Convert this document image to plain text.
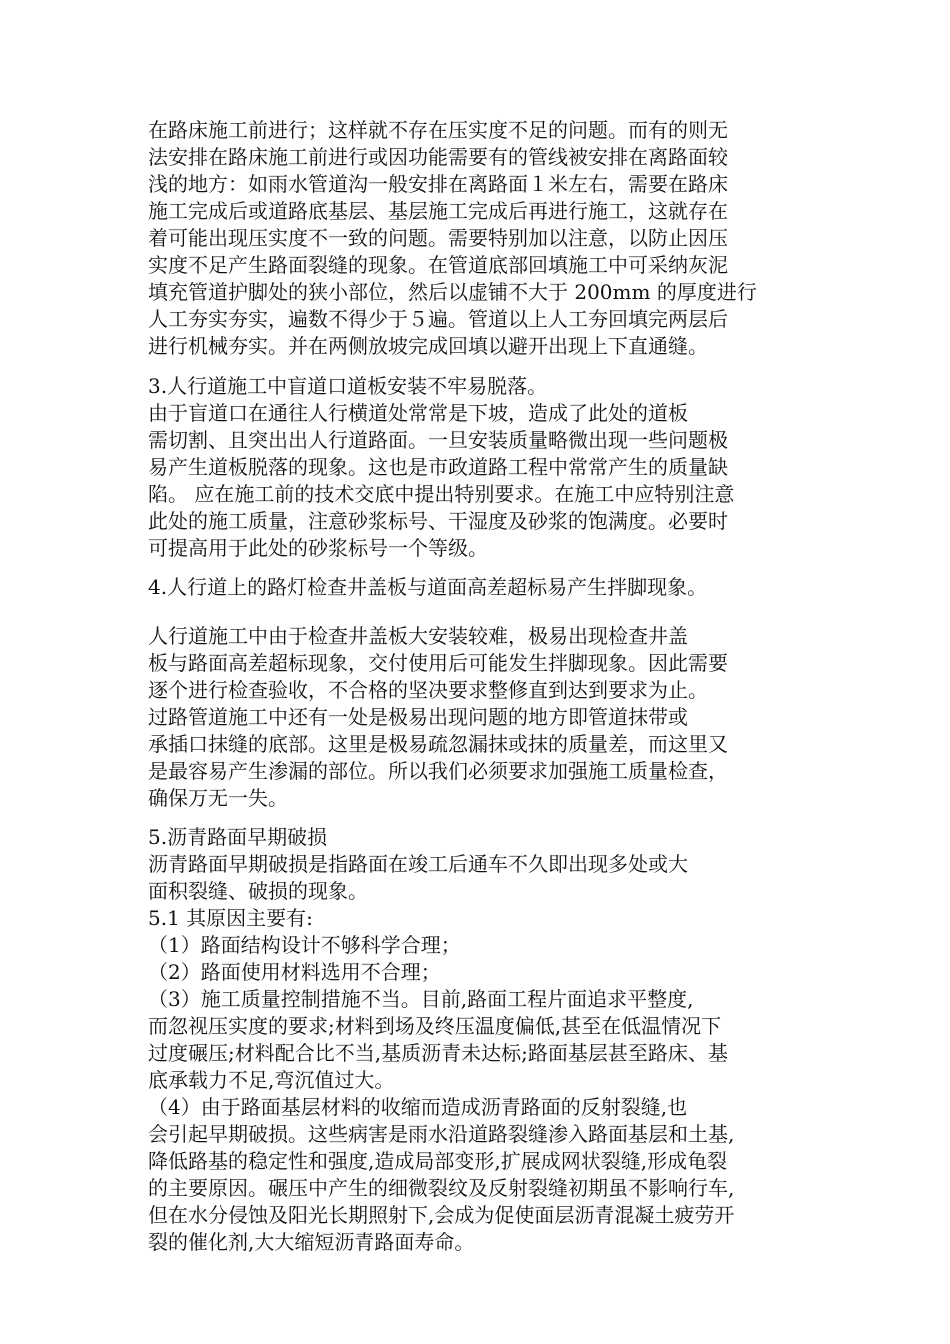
在路床施工前进行；这样就不存在压实度不足的问题。而有的则无
法安排在路床施工前进行或因功能需要有的管线被安排在离路面较
浅的地方：如雨水管道沟一般安排在离路面１米左右，需要在路床
施工完成后或道路底基层、基层施工完成后再进行施工，这就存在
着可能出现压实度不一致的问题。需要特别加以注意，以防止因压
实度不足产生路面裂缝的现象。在管道底部回填施工中可采纳灰泥
填充管道护脚处的狭小部位，然后以虚铺不大于 200mm 的厚度进行
人工夯实夯实，遍数不得少于５遍。管道以上人工夯回填完两层后
进行机械夯实。并在两侧放坡完成回填以避开出现上下直通缝。
3.人行道施工中盲道口道板安装不牢易脱落。
由于盲道口在通往人行横道处常常是下坡，造成了此处的道板
需切割、且突出出人行道路面。一旦安装质量略微出现一些问题极
易产生道板脱落的现象。这也是市政道路工程中常常产生的质量缺
陷。 应在施工前的技术交底中提出特别要求。在施工中应特别注意
此处的施工质量，注意砂浆标号、干湿度及砂浆的饱满度。必要时
可提高用于此处的砂浆标号一个等级。
4.人行道上的路灯检查井盖板与道面高差超标易产生拌脚现象。
人行道施工中由于检查井盖板大安装较难，极易出现检查井盖
板与路面高差超标现象，交付使用后可能发生拌脚现象。因此需要
逐个进行检查验收，不合格的坚决要求整修直到达到要求为止。
过路管道施工中还有一处是极易出现问题的地方即管道抹带或
承插口抹缝的底部。这里是极易疏忽漏抹或抹的质量差，而这里又
是最容易产生渗漏的部位。所以我们必须要求加强施工质量检查，
确保万无一失。
5.沥青路面早期破损
沥青路面早期破损是指路面在竣工后通车不久即出现多处或大
面积裂缝、破损的现象。
5.1 其原因主要有:
（1）路面结构设计不够科学合理；
（2）路面使用材料选用不合理；
（3）施工质量控制措施不当。目前,路面工程片面追求平整度,
而忽视压实度的要求;材料到场及终压温度偏低,甚至在低温情况下
过度碾压;材料配合比不当,基质沥青未达标;路面基层甚至路床、基
底承载力不足,弯沉值过大。
（4）由于路面基层材料的收缩而造成沥青路面的反射裂缝,也
会引起早期破损。这些病害是雨水沿道路裂缝渗入路面基层和土基,
降低路基的稳定性和强度,造成局部变形,扩展成网状裂缝,形成龟裂
的主要原因。碾压中产生的细微裂纹及反射裂缝初期虽不影响行车,
但在水分侵蚀及阳光长期照射下,会成为促使面层沥青混凝土疲劳开
裂的催化剂,大大缩短沥青路面寿命。
